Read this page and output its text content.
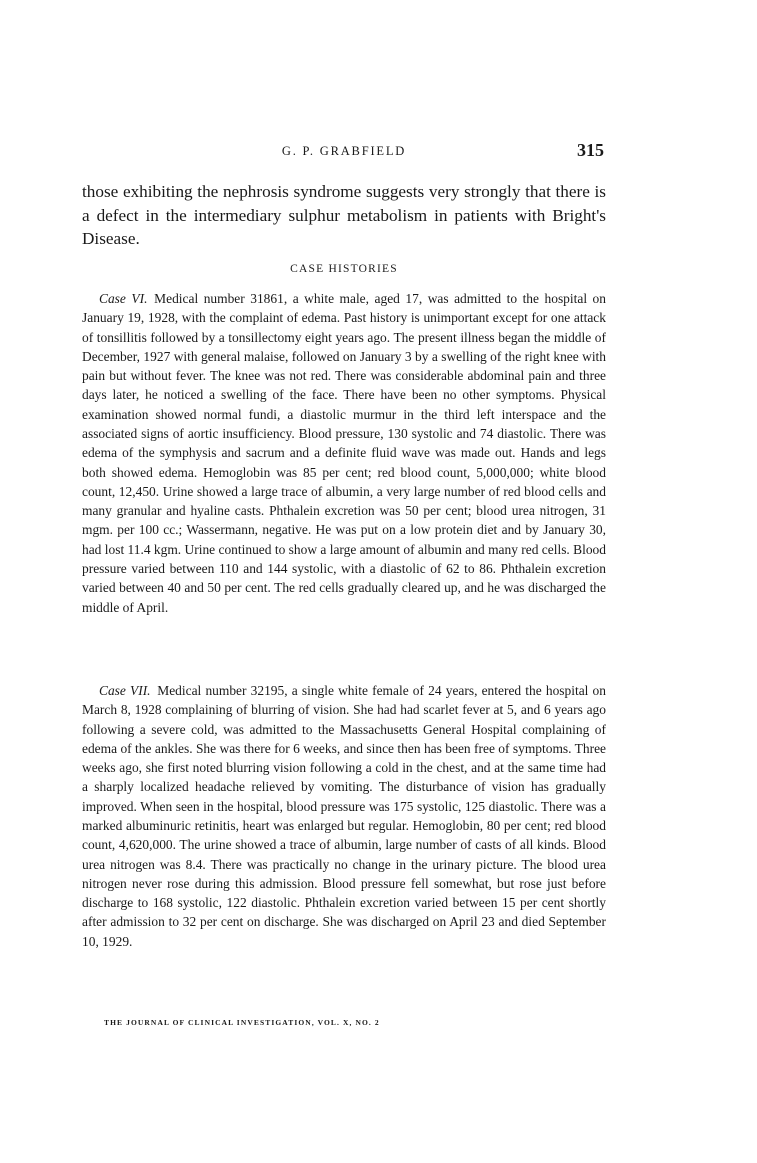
G. P. GRABFIELD	315

those exhibiting the nephrosis syndrome suggests very strongly that there is a defect in the intermediary sulphur metabolism in patients with Bright's Disease.

CASE HISTORIES

Case VI.  Medical number 31861, a white male, aged 17, was admitted to the hospital on January 19, 1928, with the complaint of edema. Past history is unimportant except for one attack of tonsillitis followed by a tonsillectomy eight years ago. The present illness began the middle of December, 1927 with general malaise, followed on January 3 by a swelling of the right knee with pain but without fever. The knee was not red. There was considerable abdominal pain and three days later, he noticed a swelling of the face. There have been no other symptoms. Physical examination showed normal fundi, a diastolic murmur in the third left interspace and the associated signs of aortic insufficiency. Blood pressure, 130 systolic and 74 diastolic. There was edema of the symphysis and sacrum and a definite fluid wave was made out. Hands and legs both showed edema. Hemoglobin was 85 per cent; red blood count, 5,000,000; white blood count, 12,450. Urine showed a large trace of albumin, a very large number of red blood cells and many granular and hyaline casts. Phthalein excretion was 50 per cent; blood urea nitrogen, 31 mgm. per 100 cc.; Wassermann, negative. He was put on a low protein diet and by January 30, had lost 11.4 kgm. Urine continued to show a large amount of albumin and many red cells. Blood pressure varied between 110 and 144 systolic, with a diastolic of 62 to 86. Phthalein excretion varied between 40 and 50 per cent. The red cells gradually cleared up, and he was discharged the middle of April.

Case VII.  Medical number 32195, a single white female of 24 years, entered the hospital on March 8, 1928 complaining of blurring of vision. She had had scarlet fever at 5, and 6 years ago following a severe cold, was admitted to the Massachusetts General Hospital complaining of edema of the ankles. She was there for 6 weeks, and since then has been free of symptoms. Three weeks ago, she first noted blurring vision following a cold in the chest, and at the same time had a sharply localized headache relieved by vomiting. The disturbance of vision has gradually improved. When seen in the hospital, blood pressure was 175 systolic, 125 diastolic. There was a marked albuminuric retinitis, heart was enlarged but regular. Hemoglobin, 80 per cent; red blood count, 4,620,000. The urine showed a trace of albumin, large number of casts of all kinds. Blood urea nitrogen was 8.4. There was practically no change in the urinary picture. The blood urea nitrogen never rose during this admission. Blood pressure fell somewhat, but rose just before discharge to 168 systolic, 122 diastolic. Phthalein excretion varied between 15 per cent shortly after admission to 32 per cent on discharge. She was discharged on April 23 and died September 10, 1929.

THE JOURNAL OF CLINICAL INVESTIGATION, VOL. X, NO. 2
